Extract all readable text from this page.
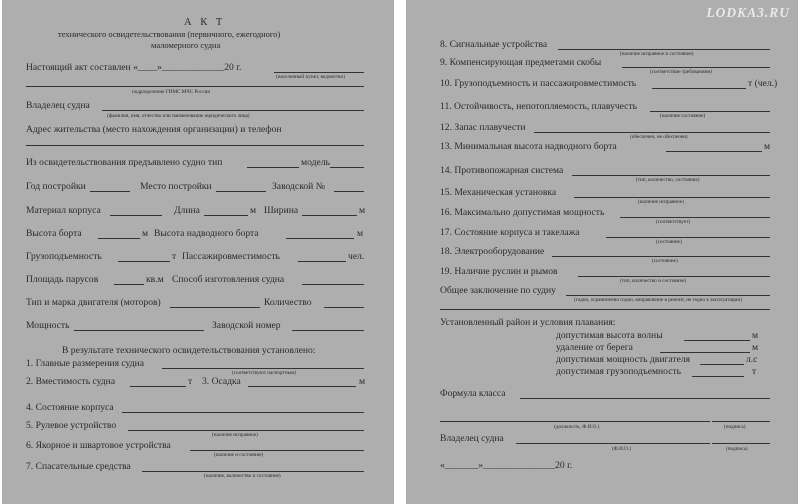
А К Т
технического освидетельствования (первичного, ежегодного)
маломерного судна
Настоящий акт составлен «____»_____________20 г.
(населенный пункт, ведомство)
подразделение ГИМС МЧС России
Владелец судна
(фамилия, имя, отчество или наименование юридического лица)
Адрес жительства (место нахождения организации) и телефон
Из освидетельствования предъявлено судно тип	модель
Год постройки	Место постройки	Заводской №
Материал корпуса	Длина	м Ширина	м
Высота борта	м Высота надводного борта	м
Грузоподъемность	т Пассажировместимость	чел.
Площадь парусов	кв.м Способ изготовления судна
Тип и марка двигателя (моторов)	Количество
Мощность	Заводской номер
В результате технического освидетельствования установлено:
1. Главные размерения судна
(соответствуют паспортным)
2. Вместимость судна	т 3. Осадка	м
4. Состояние корпуса
5. Рулевое устройство
(наличие исправное)
6. Якорное и швартовое устройства
(наличие и состояние)
7. Спасательные средства
(наличие, количество и состояние)
LODKA3.RU
8. Сигнальные устройства
(наличие исправное и состояние)
9. Компенсирующая предметами скобы
(соответствие требованиям)
10. Грузоподъемность и пассажировместимость	т (чел.)
11. Остойчивость, непотопляемость, плавучесть
(наличие состояние)
12. Запас плавучести
(обеспечен, не обеспечен)
13. Минимальная высота надводного борта	м
14. Противопожарная система
(тип, количество, состояние)
15. Механическая установка
(наличие исправное)
16. Максимально допустимая мощность
(соответствует)
17. Состояние корпуса и такелажа
(состояние)
18. Электрооборудование
(состояние)
19. Наличие руслин и рымов
(тип, количество и состояние)
Общее заключение по судну
(годно, ограниченно годно, направление в ремонт, не годно к эксплуатации)
Установленный район и условия плавания:
допустимая высота волны	м
удаление от берега	м
допустимая мощность двигателя	л.с
допустимая грузоподъемность	т
Формула класса
(должность, Ф.И.О.)	(подпись)
Владелец судна
(Ф.И.О.)	(подпись)
«_______»_______________20 г.
